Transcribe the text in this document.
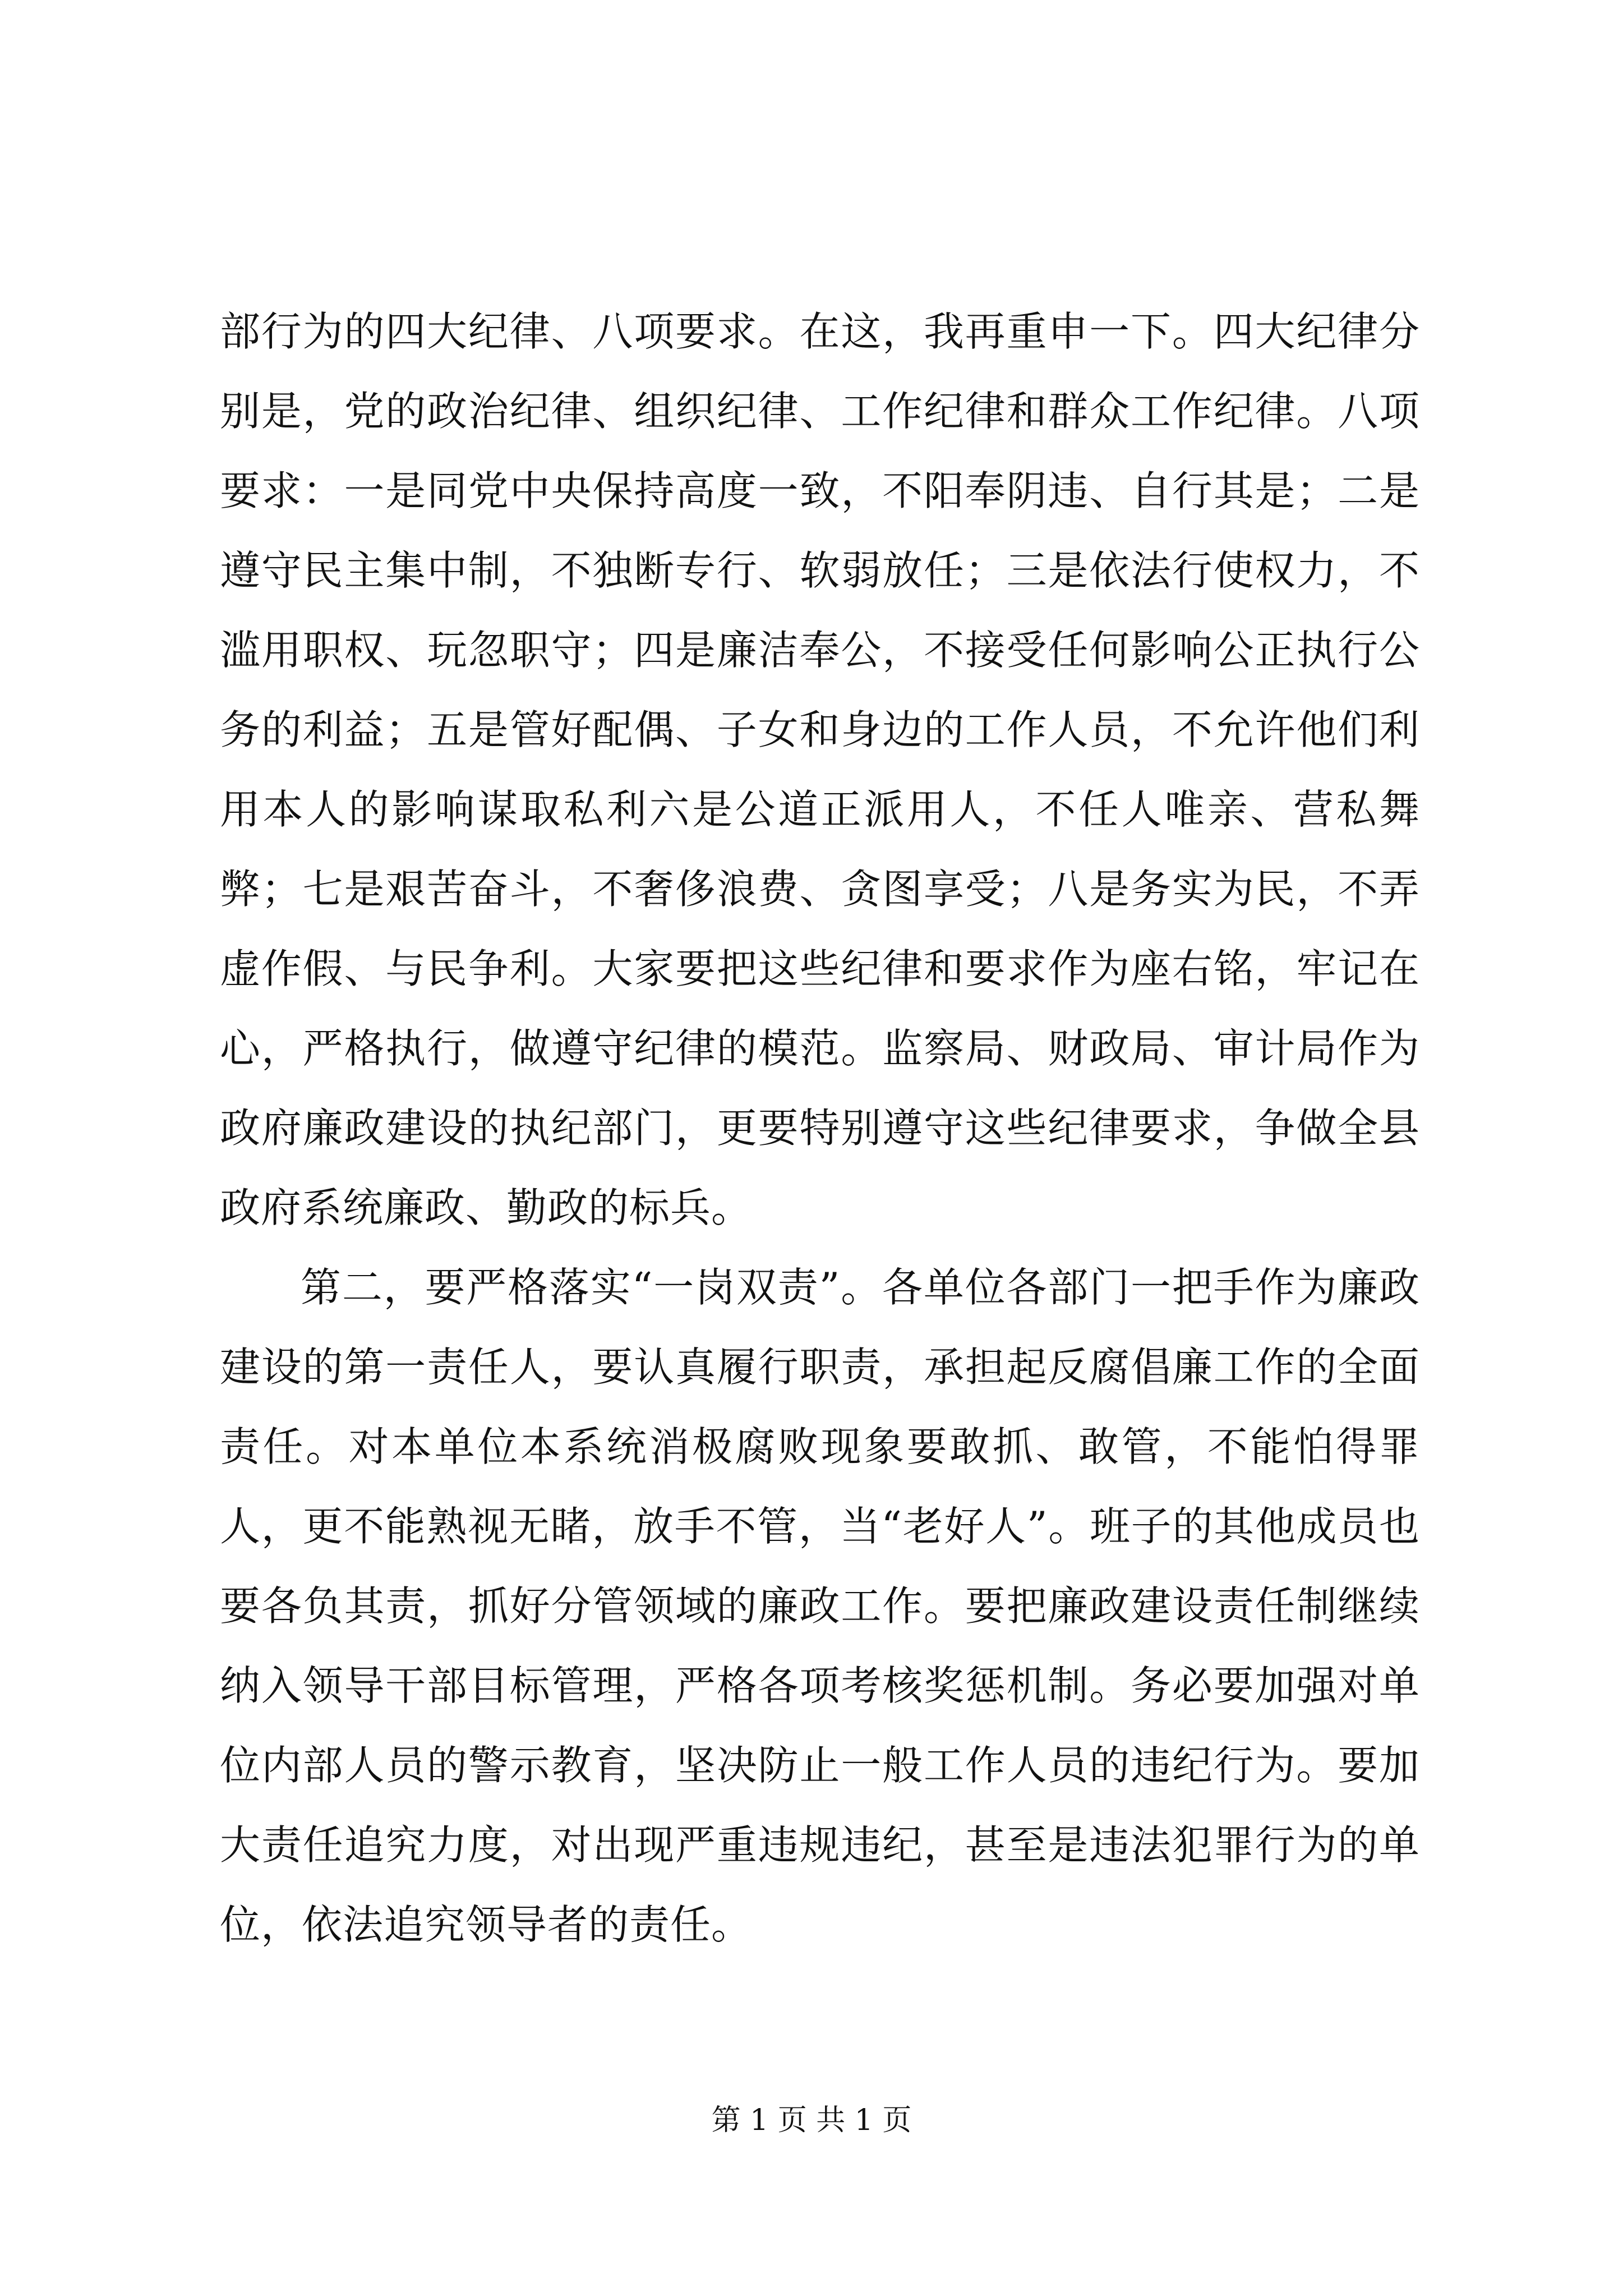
部行为的四大纪律、八项要求。在这，我再重申一下。四大纪律分别是，党的政治纪律、组织纪律、工作纪律和群众工作纪律。八项要求：一是同党中央保持高度一致，不阳奉阴违、自行其是；二是遵守民主集中制，不独断专行、软弱放任；三是依法行使权力，不滥用职权、玩忽职守；四是廉洁奉公，不接受任何影响公正执行公务的利益；五是管好配偶、子女和身边的工作人员，不允许他们利用本人的影响谋取私利六是公道正派用人，不任人唯亲、营私舞弊；七是艰苦奋斗，不奢侈浪费、贪图享受；八是务实为民，不弄虚作假、与民争利。大家要把这些纪律和要求作为座右铭，牢记在心，严格执行，做遵守纪律的模范。监察局、财政局、审计局作为政府廉政建设的执纪部门，更要特别遵守这些纪律要求，争做全县政府系统廉政、勤政的标兵。

第二，要严格落实“一岗双责”。各单位各部门一把手作为廉政建设的第一责任人，要认真履行职责，承担起反腐倡廉工作的全面责任。对本单位本系统消极腐败现象要敢抓、敢管，不能怕得罪人，更不能熟视无睹，放手不管，当“老好人”。班子的其他成员也要各负其责，抓好分管领域的廉政工作。要把廉政建设责任制继续纳入领导干部目标管理，严格各项考核奖惩机制。务必要加强对单位内部人员的警示教育，坚决防止一般工作人员的违纪行为。要加大责任追究力度，对出现严重违规违纪，甚至是违法犯罪行为的单位，依法追究领导者的责任。

第 1 页 共 1 页
